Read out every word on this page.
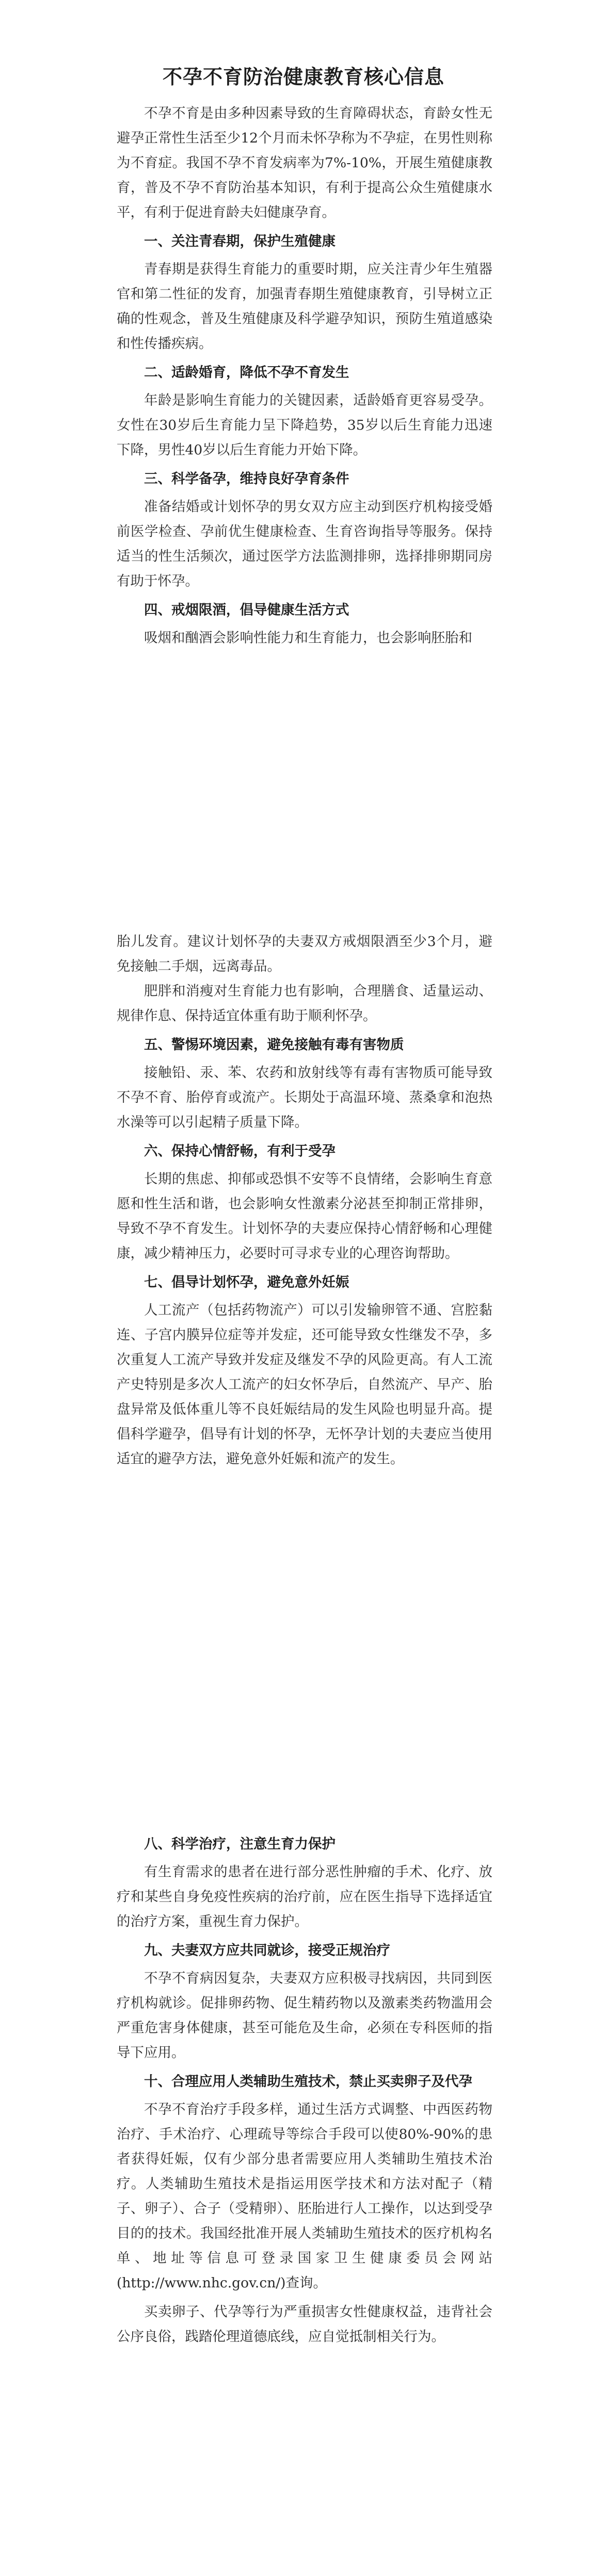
不孕不育防治健康教育核心信息

不孕不育是由多种因素导致的生育障碍状态，育龄女性无避孕正常性生活至少12个月而未怀孕称为不孕症，在男性则称为不育症。我国不孕不育发病率为7%-10%，开展生殖健康教育，普及不孕不育防治基本知识，有利于提高公众生殖健康水平，有利于促进育龄夫妇健康孕育。

一、关注青春期，保护生殖健康

青春期是获得生育能力的重要时期，应关注青少年生殖器官和第二性征的发育，加强青春期生殖健康教育，引导树立正确的性观念，普及生殖健康及科学避孕知识，预防生殖道感染和性传播疾病。

二、适龄婚育，降低不孕不育发生

年龄是影响生育能力的关键因素，适龄婚育更容易受孕。女性在30岁后生育能力呈下降趋势，35岁以后生育能力迅速下降，男性40岁以后生育能力开始下降。

三、科学备孕，维持良好孕育条件

准备结婚或计划怀孕的男女双方应主动到医疗机构接受婚前医学检查、孕前优生健康检查、生育咨询指导等服务。保持适当的性生活频次，通过医学方法监测排卵，选择排卵期同房有助于怀孕。

四、戒烟限酒，倡导健康生活方式

吸烟和酗酒会影响性能力和生育能力，也会影响胚胎和

胎儿发育。建议计划怀孕的夫妻双方戒烟限酒至少3个月，避免接触二手烟，远离毒品。

肥胖和消瘦对生育能力也有影响，合理膳食、适量运动、规律作息、保持适宜体重有助于顺利怀孕。

五、警惕环境因素，避免接触有毒有害物质

接触铅、汞、苯、农药和放射线等有毒有害物质可能导致不孕不育、胎停育或流产。长期处于高温环境、蒸桑拿和泡热水澡等可以引起精子质量下降。

六、保持心情舒畅，有利于受孕

长期的焦虑、抑郁或恐惧不安等不良情绪，会影响生育意愿和性生活和谐，也会影响女性激素分泌甚至抑制正常排卵，导致不孕不育发生。计划怀孕的夫妻应保持心情舒畅和心理健康，减少精神压力，必要时可寻求专业的心理咨询帮助。

七、倡导计划怀孕，避免意外妊娠

人工流产（包括药物流产）可以引发输卵管不通、宫腔黏连、子宫内膜异位症等并发症，还可能导致女性继发不孕，多次重复人工流产导致并发症及继发不孕的风险更高。有人工流产史特别是多次人工流产的妇女怀孕后，自然流产、早产、胎盘异常及低体重儿等不良妊娠结局的发生风险也明显升高。提倡科学避孕，倡导有计划的怀孕，无怀孕计划的夫妻应当使用适宜的避孕方法，避免意外妊娠和流产的发生。

八、科学治疗，注意生育力保护

有生育需求的患者在进行部分恶性肿瘤的手术、化疗、放疗和某些自身免疫性疾病的治疗前，应在医生指导下选择适宜的治疗方案，重视生育力保护。

九、夫妻双方应共同就诊，接受正规治疗

不孕不育病因复杂，夫妻双方应积极寻找病因，共同到医疗机构就诊。促排卵药物、促生精药物以及激素类药物滥用会严重危害身体健康，甚至可能危及生命，必须在专科医师的指导下应用。

十、合理应用人类辅助生殖技术，禁止买卖卵子及代孕

不孕不育治疗手段多样，通过生活方式调整、中西医药物治疗、手术治疗、心理疏导等综合手段可以使80%-90%的患者获得妊娠，仅有少部分患者需要应用人类辅助生殖技术治疗。人类辅助生殖技术是指运用医学技术和方法对配子（精子、卵子）、合子（受精卵）、胚胎进行人工操作，以达到受孕目的的技术。我国经批准开展人类辅助生殖技术的医疗机构名单、地址等信息可登录国家卫生健康委员会网站(http://www.nhc.gov.cn/)查询。

买卖卵子、代孕等行为严重损害女性健康权益，违背社会公序良俗，践踏伦理道德底线，应自觉抵制相关行为。
